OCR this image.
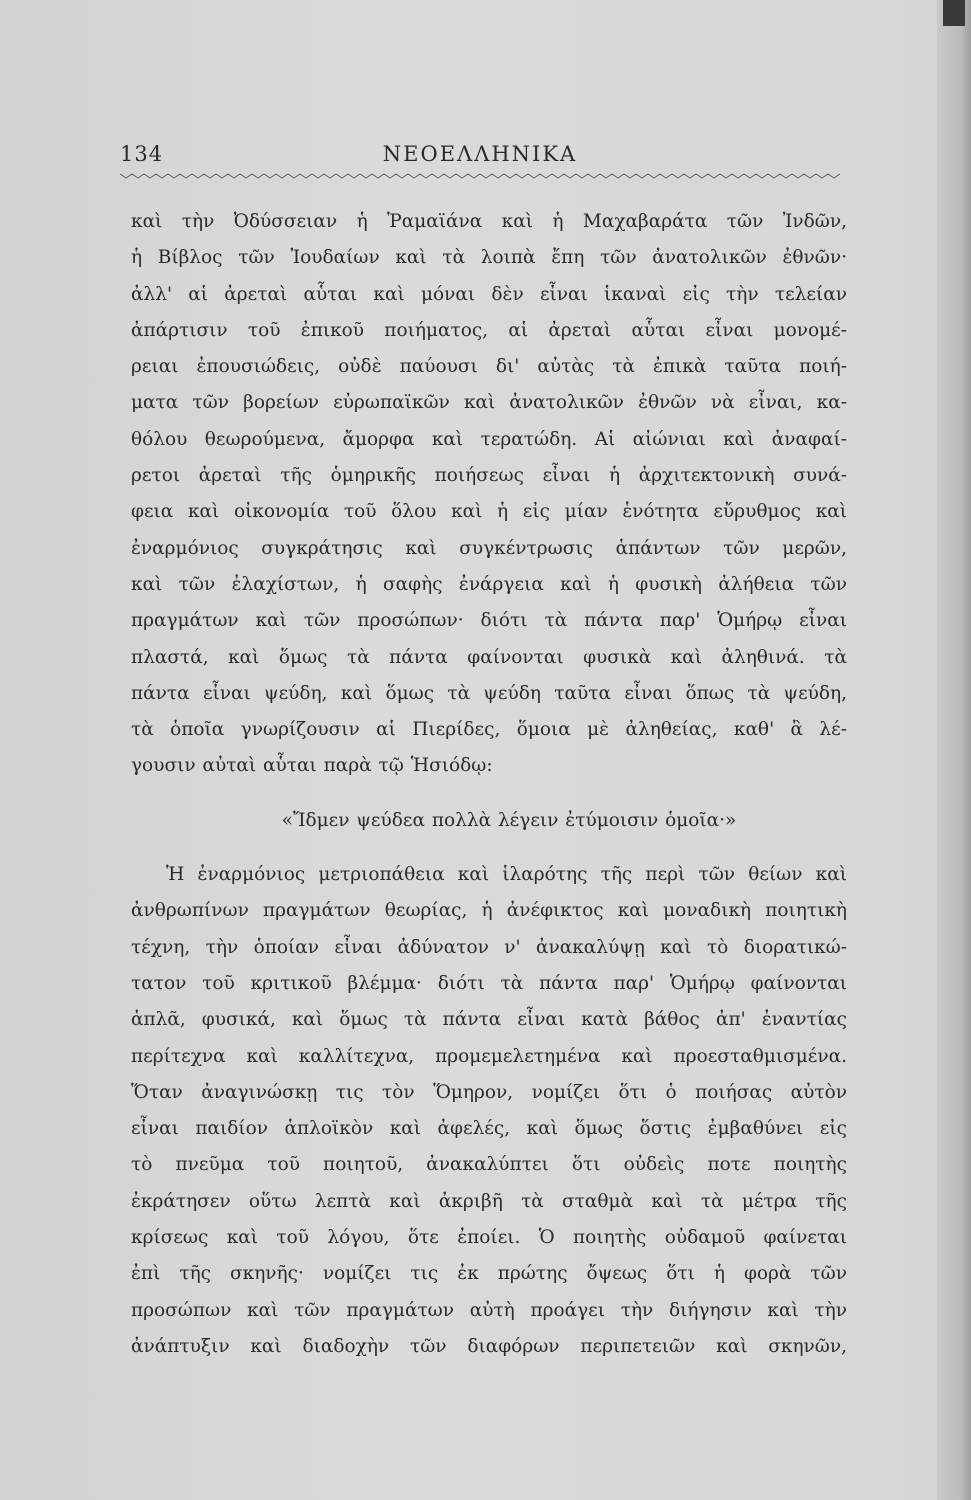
134	ΝΕΟΕΛΛΗΝΙΚΑ
καὶ τὴν Ὀδύσσειαν ἡ Ῥαμαϊάνα καὶ ἡ Μαχαβαράτα τῶν Ἰνδῶν,
ἡ Βίβλος τῶν Ἰουδαίων καὶ τὰ λοιπὰ ἔπη τῶν ἀνατολικῶν ἐθνῶν·
ἀλλ' αἱ ἀρεταὶ αὗται καὶ μόναι δὲν εἶναι ἱκαναὶ εἰς τὴν τελείαν
ἀπάρτισιν τοῦ ἐπικοῦ ποιήματος, αἱ ἀρεταὶ αὗται εἶναι μονομέ-
ρειαι ἐπουσιώδεις, οὐδὲ παύουσι δι' αὐτὰς τὰ ἐπικὰ ταῦτα ποιή-
ματα τῶν βορείων εὐρωπαϊκῶν καὶ ἀνατολικῶν ἐθνῶν νὰ εἶναι, κα-
θόλου θεωρούμενα, ἄμορφα καὶ τερατώδη. Αἱ αἰώνιαι καὶ ἀναφαί-
ρετοι ἀρεταὶ τῆς ὁμηρικῆς ποιήσεως εἶναι ἡ ἀρχιτεκτονικὴ συνά-
φεια καὶ οἰκονομία τοῦ ὅλου καὶ ἡ εἰς μίαν ἑνότητα εὔρυθμος καὶ
ἐναρμόνιος συγκράτησις καὶ συγκέντρωσις ἁπάντων τῶν μερῶν,
καὶ τῶν ἐλαχίστων, ἡ σαφὴς ἐνάργεια καὶ ἡ φυσικὴ ἀλήθεια τῶν
πραγμάτων καὶ τῶν προσώπων· διότι τὰ πάντα παρ' Ὁμήρῳ εἶναι
πλαστά, καὶ ὅμως τὰ πάντα φαίνονται φυσικὰ καὶ ἀληθινά. τὰ
πάντα εἶναι ψεύδη, καὶ ὅμως τὰ ψεύδη ταῦτα εἶναι ὅπως τὰ ψεύδη,
τὰ ὁποῖα γνωρίζουσιν αἱ Πιερίδες, ὅμοια μὲ ἀληθείας, καθ' ἃ λέ-
γουσιν αὐταὶ αὗται παρὰ τῷ Ἡσιόδῳ:
«Ἴδμεν ψεύδεα πολλὰ λέγειν ἐτύμοισιν ὁμοῖα·»
Ἡ ἐναρμόνιος μετριοπάθεια καὶ ἱλαρότης τῆς περὶ τῶν θείων καὶ
ἀνθρωπίνων πραγμάτων θεωρίας, ἡ ἀνέφικτος καὶ μοναδικὴ ποιητικὴ
τέχνη, τὴν ὁποίαν εἶναι ἀδύνατον ν' ἀνακαλύψῃ καὶ τὸ διορατικώ-
τατον τοῦ κριτικοῦ βλέμμα· διότι τὰ πάντα παρ' Ὁμήρῳ φαίνονται
ἁπλᾶ, φυσικά, καὶ ὅμως τὰ πάντα εἶναι κατὰ βάθος ἀπ' ἐναντίας
περίτεχνα καὶ καλλίτεχνα, προμεμελετημένα καὶ προεσταθμισμένα.
Ὅταν ἀναγινώσκῃ τις τὸν Ὅμηρον, νομίζει ὅτι ὁ ποιήσας αὐτὸν
εἶναι παιδίον ἁπλοϊκὸν καὶ ἀφελές, καὶ ὅμως ὅστις ἐμβαθύνει εἰς
τὸ πνεῦμα τοῦ ποιητοῦ, ἀνακαλύπτει ὅτι οὐδεὶς ποτε ποιητὴς
ἐκράτησεν οὕτω λεπτὰ καὶ ἀκριβῆ τὰ σταθμὰ καὶ τὰ μέτρα τῆς
κρίσεως καὶ τοῦ λόγου, ὅτε ἐποίει. Ὁ ποιητὴς οὐδαμοῦ φαίνεται
ἐπὶ τῆς σκηνῆς· νομίζει τις ἐκ πρώτης ὄψεως ὅτι ἡ φορὰ τῶν
προσώπων καὶ τῶν πραγμάτων αὐτὴ προάγει τὴν διήγησιν καὶ τὴν
ἀνάπτυξιν καὶ διαδοχὴν τῶν διαφόρων περιπετειῶν καὶ σκηνῶν,
